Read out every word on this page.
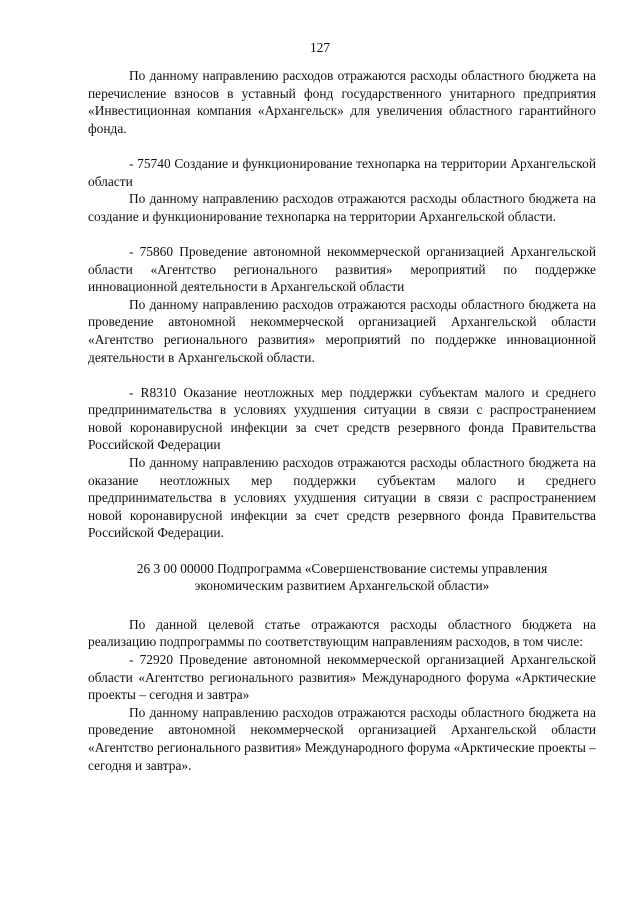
127

По данному направлению расходов отражаются расходы областного бюджета на перечисление взносов в уставный фонд государственного унитарного предприятия «Инвестиционная компания «Архангельск» для увеличения областного гарантийного фонда.

- 75740 Создание и функционирование технопарка на территории Архангельской области

По данному направлению расходов отражаются расходы областного бюджета на создание и функционирование технопарка на территории Архангельской области.

- 75860 Проведение автономной некоммерческой организацией Архангельской области «Агентство регионального развития» мероприятий по поддержке инновационной деятельности в Архангельской области

По данному направлению расходов отражаются расходы областного бюджета на проведение автономной некоммерческой организацией Архангельской области «Агентство регионального развития» мероприятий по поддержке инновационной деятельности в Архангельской области.

- R8310 Оказание неотложных мер поддержки субъектам малого и среднего предпринимательства в условиях ухудшения ситуации в связи с распространением новой коронавирусной инфекции за счет средств резервного фонда Правительства Российской Федерации

По данному направлению расходов отражаются расходы областного бюджета на оказание неотложных мер поддержки субъектам малого и среднего предпринимательства в условиях ухудшения ситуации в связи с распространением новой коронавирусной инфекции за счет средств резервного фонда Правительства Российской Федерации.

26 3 00 00000 Подпрограмма «Совершенствование системы управления экономическим развитием Архангельской области»

По данной целевой статье отражаются расходы областного бюджета на реализацию подпрограммы по соответствующим направлениям расходов, в том числе:

- 72920 Проведение автономной некоммерческой организацией Архангельской области «Агентство регионального развития» Международного форума «Арктические проекты – сегодня и завтра»

По данному направлению расходов отражаются расходы областного бюджета на проведение автономной некоммерческой организацией Архангельской области «Агентство регионального развития» Международного форума «Арктические проекты – сегодня и завтра».
